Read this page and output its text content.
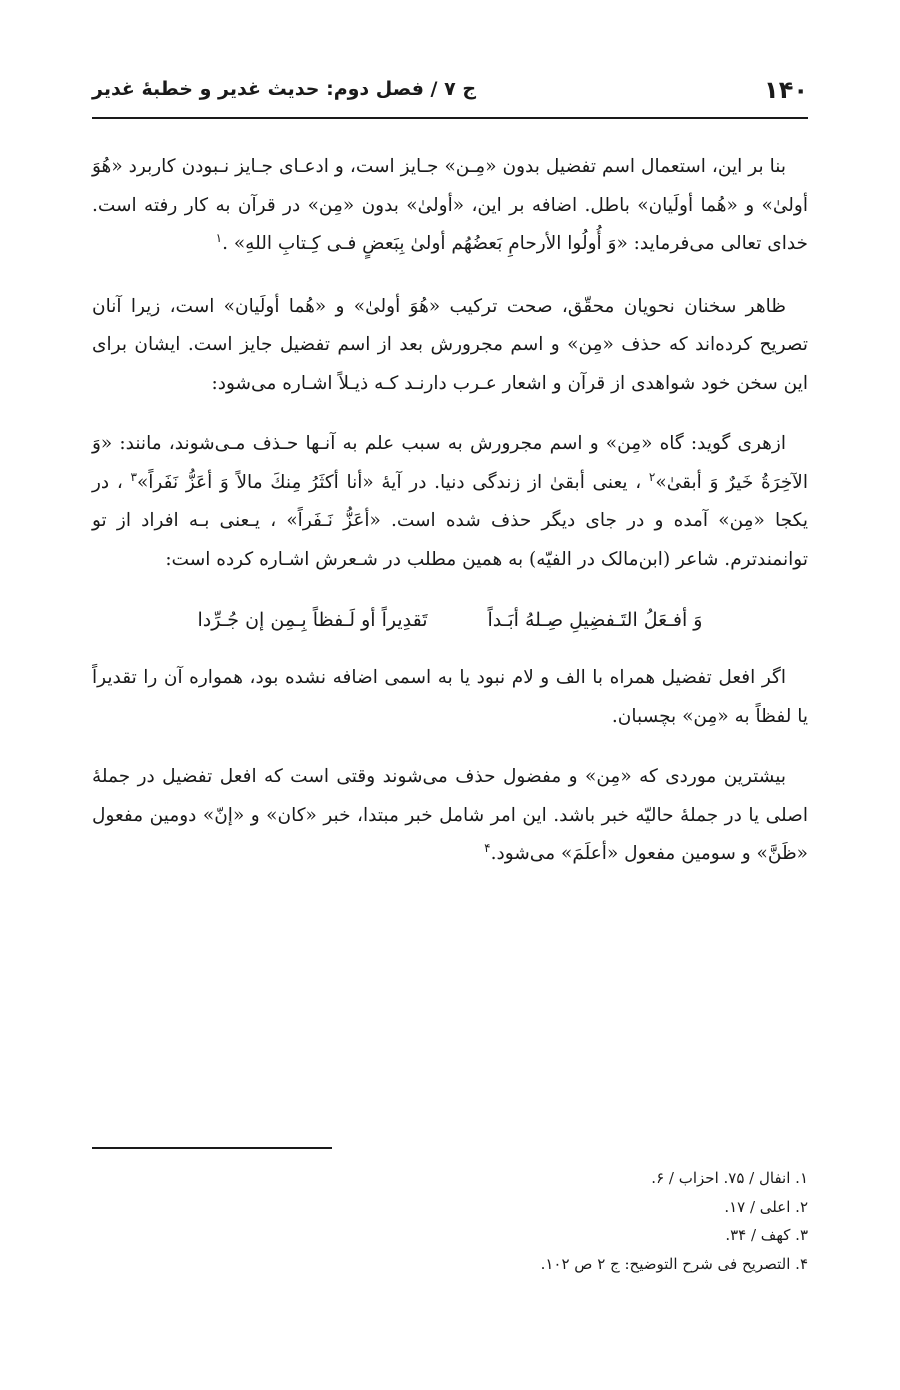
۱۴۰
ج ۷ / فصل دوم: حدیث غدیر و خطبهٔ غدیر

بنا بر این، استعمال اسم تفضیل بدون «مِـن» جـایز است، و ادعـای جـایز نـبودن کاربرد «هُوَ أولیٰ» و «هُما أولَیان» باطل. اضافه بر این، «أولیٰ» بدون «مِن» در قرآن به کار رفته است. خدای تعالی می‌فرماید: «وَ أُولُوا الأرحامِ بَعضُهُم أولیٰ بِبَعضٍ فـی کِـتابِ اللهِ» .$^۱$

ظاهر سخنان نحویان محقّق، صحت ترکیب «هُوَ أولیٰ» و «هُما أولَیان» است، زیرا آنان تصریح کرده‌اند که حذف «مِن» و اسم مجرورش بعد از اسم تفضیل جایز است. ایشان برای این سخن خود شواهدی از قرآن و اشعار عـرب دارنـد کـه ذیـلاً اشـاره می‌شود:

ازهری گوید: گاه «مِن» و اسم مجرورش به سبب علم به آنـها حـذف مـی‌شوند، مانند: «وَ الآخِرَةُ خَیرٌ وَ أبقیٰ»$^۲$ ، یعنی أبقیٰ از زندگی دنیا. در آیهٔ «أنا أكثَرُ مِنكَ مالاً وَ أعَزُّ نَفَراً»$^۳$ ، در یکجا «مِن» آمده و در جای دیگر حذف شده است. «أعَزُّ نَـفَراً» ، یـعنی بـه افراد از تو توانمندترم. شاعر (ابن‌مالک در الفیّه) به همین مطلب در شـعرش اشـاره کرده است:

وَ أفـعَلُ التَـفضِیلِ صِـلهُ أبَـداً
تَقدِیراً أو لَـفظاً بِـمِن إن جُـرِّدا

اگر افعل تفضیل همراه با الف و لام نبود یا به اسمی اضافه نشده بود، همواره آن را تقدیراً یا لفظاً به «مِن» بچسبان.

بیشترین موردی که «مِن» و مفضول حذف می‌شوند وقتی است که افعل تفضیل در جملهٔ اصلی یا در جملهٔ حالیّه خبر باشد. این امر شامل خبر مبتدا، خبر «کان» و «إنّ» دومین مفعول «ظَنَّ» و سومین مفعول «أعلَمَ» می‌شود.$^۴$

۱. انفال / ۷۵. احزاب / ۶.

۲. اعلی / ۱۷.

۳. کهف / ۳۴.

۴. التصریح فی شرح التوضیح: ج ۲ ص ۱۰۲.
